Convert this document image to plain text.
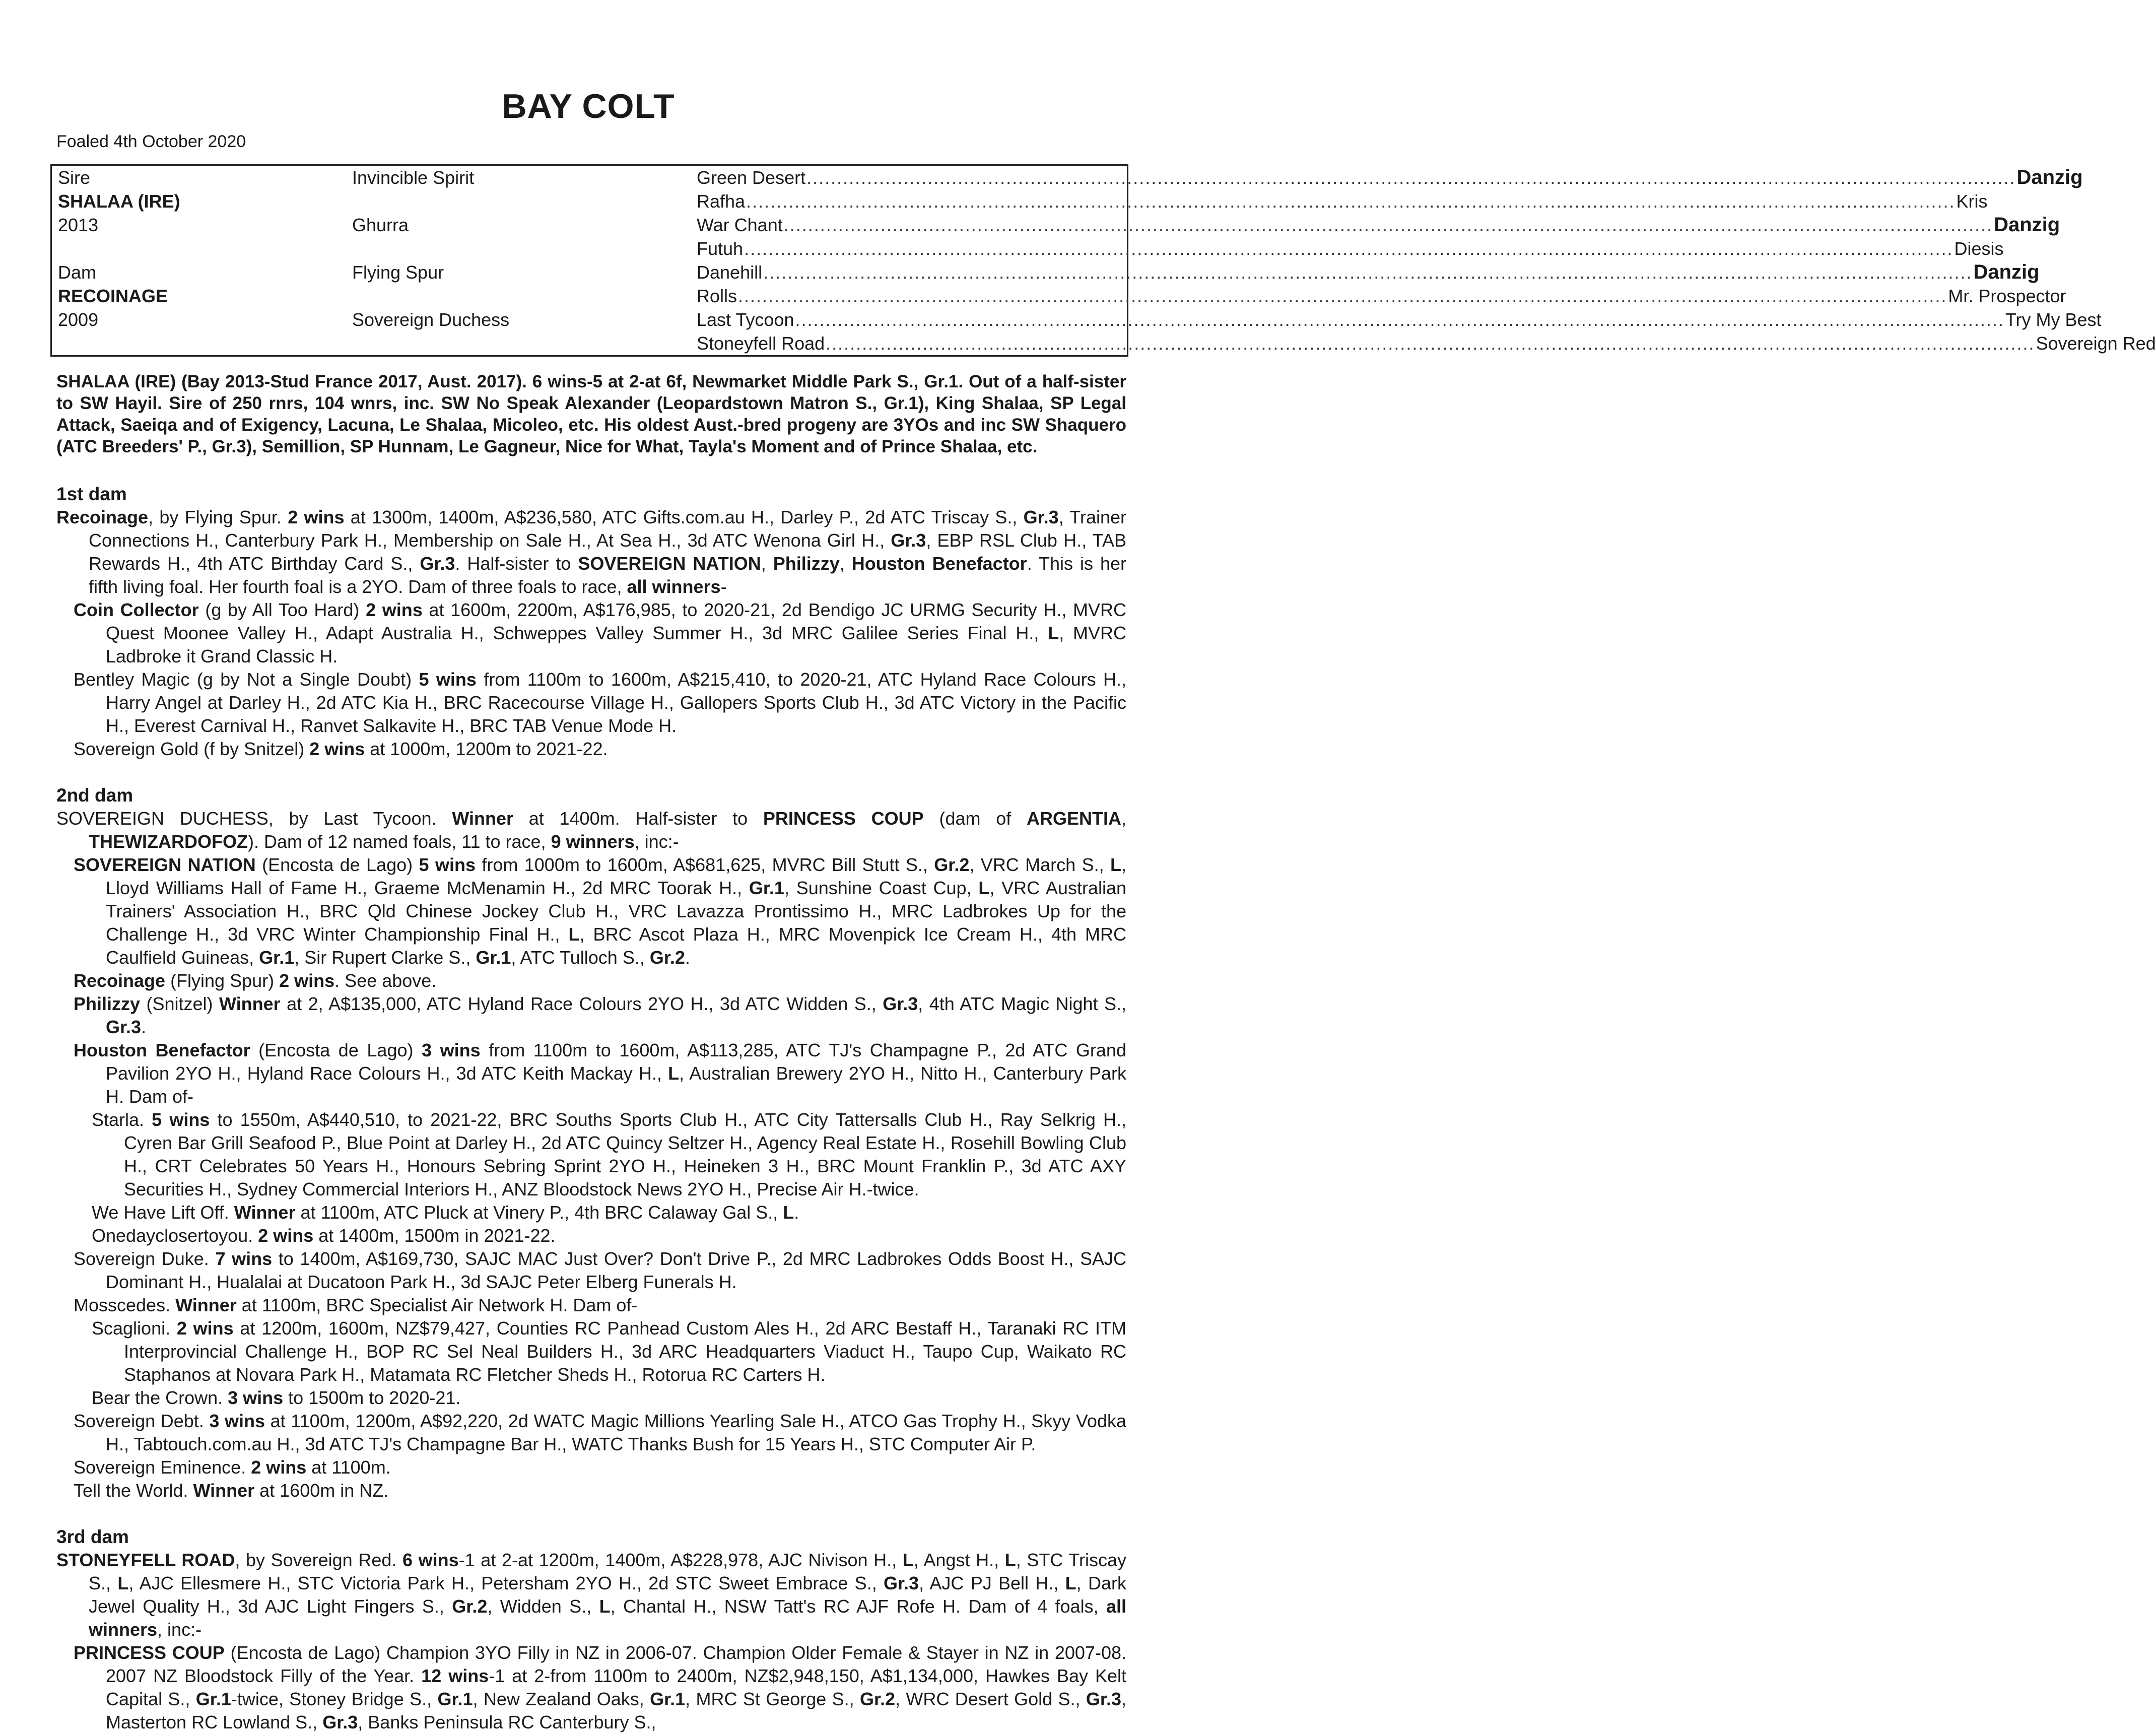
BAY COLT
Foaled 4th October 2020
Sire	Invincible Spirit	Green Desert ........................................................................................................................................................................................................ Danzig

SHALAA (IRE)		Rafha ........................................................................................................................................................................................................ Kris

2013	Ghurra	War Chant ........................................................................................................................................................................................................ Danzig

		Futuh ........................................................................................................................................................................................................ Diesis

Dam	Flying Spur	Danehill ........................................................................................................................................................................................................ Danzig

RECOINAGE		Rolls ........................................................................................................................................................................................................ Mr. Prospector

2009	Sovereign Duchess	Last Tycoon ........................................................................................................................................................................................................ Try My Best

		Stoneyfell Road ........................................................................................................................................................................................................ Sovereign Red

SHALAA (IRE) (Bay 2013-Stud France 2017, Aust. 2017). 6 wins-5 at 2-at 6f, Newmarket Middle Park S., Gr.1. Out of a half-sister to SW Hayil. Sire of 250 rnrs, 104 wnrs, inc. SW No Speak Alexander (Leopardstown Matron S., Gr.1), King Shalaa, SP Legal Attack, Saeiqa and of Exigency, Lacuna, Le Shalaa, Micoleo, etc. His oldest Aust.-bred progeny are 3YOs and inc SW Shaquero (ATC Breeders' P., Gr.3), Semillion, SP Hunnam, Le Gagneur, Nice for What, Tayla's Moment and of Prince Shalaa, etc.

1st dam

Recoinage, by Flying Spur. 2 wins at 1300m, 1400m, A$236,580, ATC Gifts.com.au H., Darley P., 2d ATC Triscay S., Gr.3, Trainer Connections H., Canterbury Park H., Membership on Sale H., At Sea H., 3d ATC Wenona Girl H., Gr.3, EBP RSL Club H., TAB Rewards H., 4th ATC Birthday Card S., Gr.3. Half-sister to SOVEREIGN NATION, Philizzy, Houston Benefactor. This is her fifth living foal. Her fourth foal is a 2YO. Dam of three foals to race, all winners-

Coin Collector (g by All Too Hard) 2 wins at 1600m, 2200m, A$176,985, to 2020-21, 2d Bendigo JC URMG Security H., MVRC Quest Moonee Valley H., Adapt Australia H., Schweppes Valley Summer H., 3d MRC Galilee Series Final H., L, MVRC Ladbroke it Grand Classic H.

Bentley Magic (g by Not a Single Doubt) 5 wins from 1100m to 1600m, A$215,410, to 2020-21, ATC Hyland Race Colours H., Harry Angel at Darley H., 2d ATC Kia H., BRC Racecourse Village H., Gallopers Sports Club H., 3d ATC Victory in the Pacific H., Everest Carnival H., Ranvet Salkavite H., BRC TAB Venue Mode H.

Sovereign Gold (f by Snitzel) 2 wins at 1000m, 1200m to 2021-22.

2nd dam

SOVEREIGN DUCHESS, by Last Tycoon. Winner at 1400m. Half-sister to PRINCESS COUP (dam of ARGENTIA, THEWIZARDOFOZ). Dam of 12 named foals, 11 to race, 9 winners, inc:-

SOVEREIGN NATION (Encosta de Lago) 5 wins from 1000m to 1600m, A$681,625, MVRC Bill Stutt S., Gr.2, VRC March S., L, Lloyd Williams Hall of Fame H., Graeme McMenamin H., 2d MRC Toorak H., Gr.1, Sunshine Coast Cup, L, VRC Australian Trainers' Association H., BRC Qld Chinese Jockey Club H., VRC Lavazza Prontissimo H., MRC Ladbrokes Up for the Challenge H., 3d VRC Winter Championship Final H., L, BRC Ascot Plaza H., MRC Movenpick Ice Cream H., 4th MRC Caulfield Guineas, Gr.1, Sir Rupert Clarke S., Gr.1, ATC Tulloch S., Gr.2.

Recoinage (Flying Spur) 2 wins. See above.

Philizzy (Snitzel) Winner at 2, A$135,000, ATC Hyland Race Colours 2YO H., 3d ATC Widden S., Gr.3, 4th ATC Magic Night S., Gr.3.

Houston Benefactor (Encosta de Lago) 3 wins from 1100m to 1600m, A$113,285, ATC TJ's Champagne P., 2d ATC Grand Pavilion 2YO H., Hyland Race Colours H., 3d ATC Keith Mackay H., L, Australian Brewery 2YO H., Nitto H., Canterbury Park H. Dam of-

Starla. 5 wins to 1550m, A$440,510, to 2021-22, BRC Souths Sports Club H., ATC City Tattersalls Club H., Ray Selkrig H., Cyren Bar Grill Seafood P., Blue Point at Darley H., 2d ATC Quincy Seltzer H., Agency Real Estate H., Rosehill Bowling Club H., CRT Celebrates 50 Years H., Honours Sebring Sprint 2YO H., Heineken 3 H., BRC Mount Franklin P., 3d ATC AXY Securities H., Sydney Commercial Interiors H., ANZ Bloodstock News 2YO H., Precise Air H.-twice.

We Have Lift Off. Winner at 1100m, ATC Pluck at Vinery P., 4th BRC Calaway Gal S., L.

Onedayclosertoyou. 2 wins at 1400m, 1500m in 2021-22.

Sovereign Duke. 7 wins to 1400m, A$169,730, SAJC MAC Just Over? Don't Drive P., 2d MRC Ladbrokes Odds Boost H., SAJC Dominant H., Hualalai at Ducatoon Park H., 3d SAJC Peter Elberg Funerals H.

Mosscedes. Winner at 1100m, BRC Specialist Air Network H. Dam of-

Scaglioni. 2 wins at 1200m, 1600m, NZ$79,427, Counties RC Panhead Custom Ales H., 2d ARC Bestaff H., Taranaki RC ITM Interprovincial Challenge H., BOP RC Sel Neal Builders H., 3d ARC Headquarters Viaduct H., Taupo Cup, Waikato RC Staphanos at Novara Park H., Matamata RC Fletcher Sheds H., Rotorua RC Carters H.

Bear the Crown. 3 wins to 1500m to 2020-21.

Sovereign Debt. 3 wins at 1100m, 1200m, A$92,220, 2d WATC Magic Millions Yearling Sale H., ATCO Gas Trophy H., Skyy Vodka H., Tabtouch.com.au H., 3d ATC TJ's Champagne Bar H., WATC Thanks Bush for 15 Years H., STC Computer Air P.

Sovereign Eminence. 2 wins at 1100m.

Tell the World. Winner at 1600m in NZ.

3rd dam

STONEYFELL ROAD, by Sovereign Red. 6 wins-1 at 2-at 1200m, 1400m, A$228,978, AJC Nivison H., L, Angst H., L, STC Triscay S., L, AJC Ellesmere H., STC Victoria Park H., Petersham 2YO H., 2d STC Sweet Embrace S., Gr.3, AJC PJ Bell H., L, Dark Jewel Quality H., 3d AJC Light Fingers S., Gr.2, Widden S., L, Chantal H., NSW Tatt's RC AJF Rofe H. Dam of 4 foals, all winners, inc:-

PRINCESS COUP (Encosta de Lago) Champion 3YO Filly in NZ in 2006-07. Champion Older Female & Stayer in NZ in 2007-08. 2007 NZ Bloodstock Filly of the Year. 12 wins-1 at 2-from 1100m to 2400m, NZ$2,948,150, A$1,134,000, Hawkes Bay Kelt Capital S., Gr.1-twice, Stoney Bridge S., Gr.1, New Zealand Oaks, Gr.1, MRC St George S., Gr.2, WRC Desert Gold S., Gr.3, Masterton RC Lowland S., Gr.3, Banks Peninsula RC Canterbury S.,
